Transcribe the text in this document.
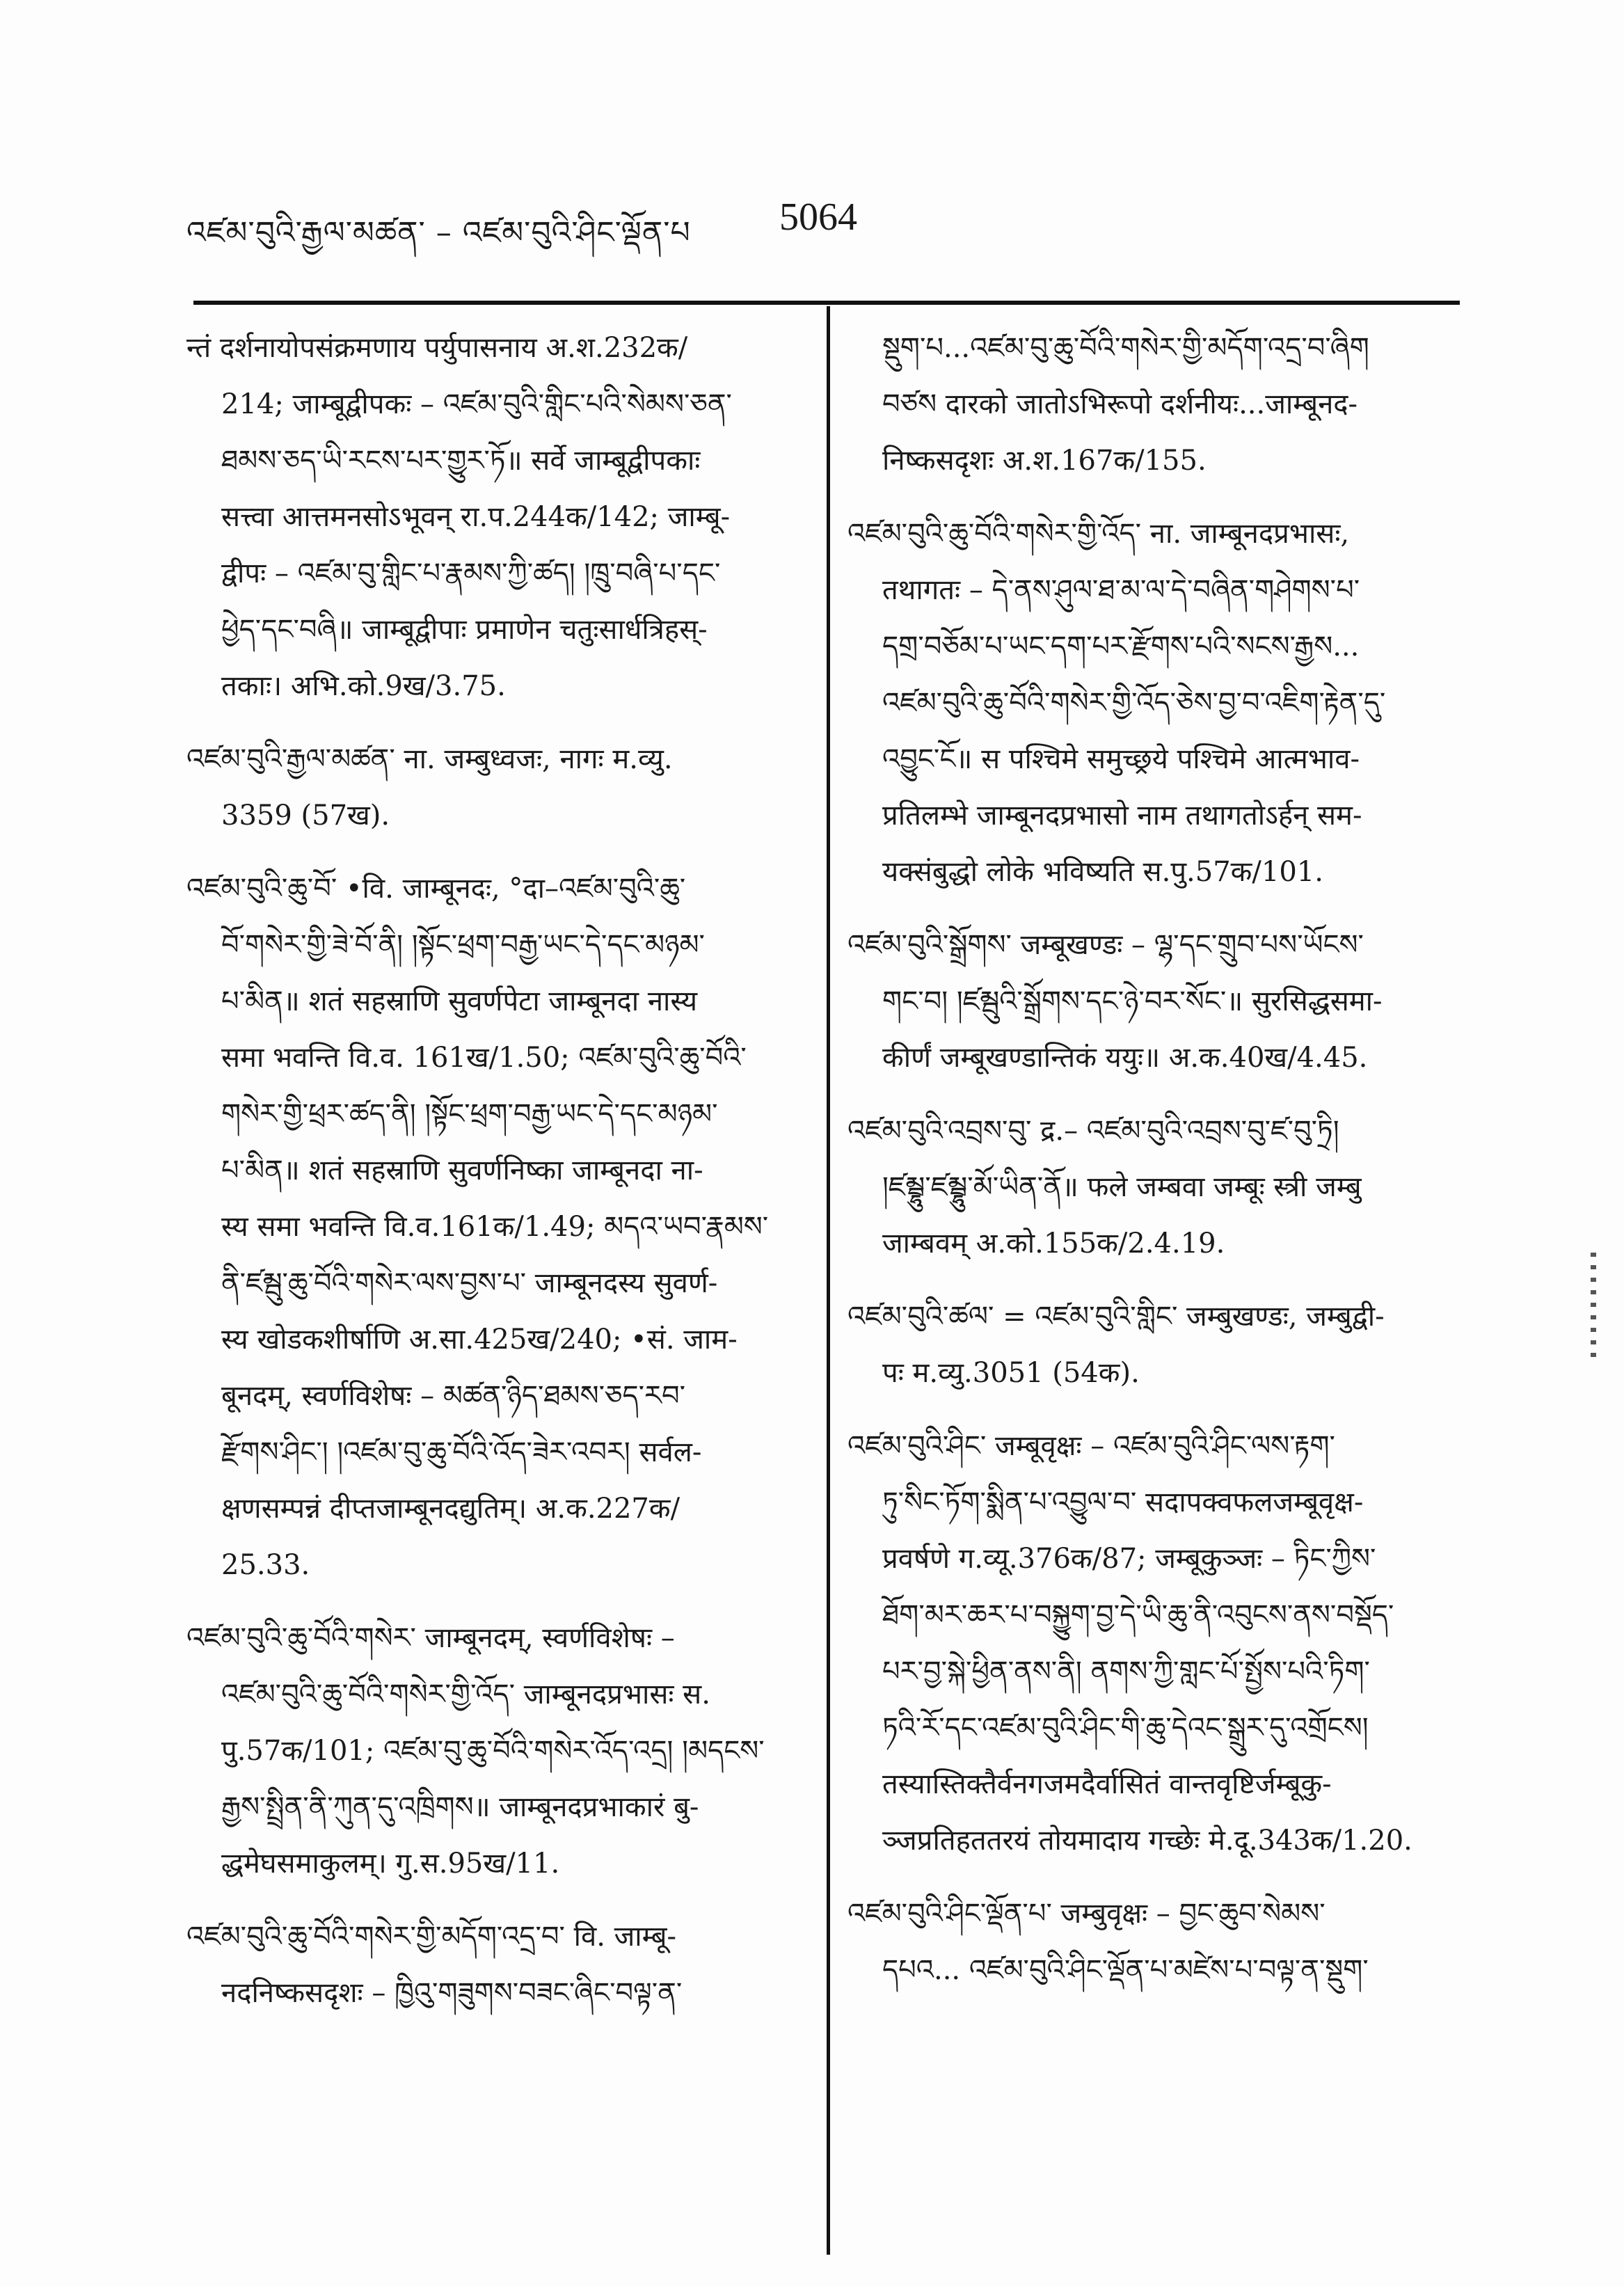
འཛམ་བུའི་རྒྱལ་མཚན་ – འཛམ་བུའི་ཤིང་ལྡོན་པ 5064
न्तं दर्शनायोपसंक्रमणाय पर्युपासनाय अ.श.232क/
214; जाम्बूद्वीपकः – འཛམ་བུའི་གླིང་པའི་སེམས་ཅན་
ཐམས་ཅད་ཡི་རངས་པར་གྱུར་ཏོ॥ सर्वे जाम्बूद्वीपकाः
सत्त्वा आत्तमनसोऽभूवन् रा.प.244क/142; जाम्बू-
द्वीपः – འཛམ་བུ་གླིང་པ་རྣམས་ཀྱི་ཚད། །ཁྲུ་བཞི་པ་དང་
ཕྱེད་དང་བཞི॥ जाम्बूद्वीपाः प्रमाणेन चतुःसार्धत्रिहस्-
तकाः। अभि.को.9ख/3.75.
འཛམ་བུའི་རྒྱལ་མཚན་ ना. जम्बुध्वजः, नागः म.व्यु.
3359 (57ख).
འཛམ་བུའི་ཆུ་བོ་ •वि. जाम्बूनदः, °दा–འཛམ་བུའི་ཆུ་
བོ་གསེར་གྱི་ཟེ་བོ་ནི། །སྟོང་ཕྲག་བརྒྱ་ཡང་དེ་དང་མཉམ་
པ་མིན॥ शतं सहस्राणि सुवर्णपेटा जाम्बूनदा नास्य
समा भवन्ति वि.व. 161ख/1.50; འཛམ་བུའི་ཆུ་བོའི་
གསེར་གྱི་ཕྲར་ཚད་ནི། །སྟོང་ཕྲག་བརྒྱ་ཡང་དེ་དང་མཉམ་
པ་མིན॥ शतं सहस्राणि सुवर्णनिष्का जाम्बूनदा ना-
स्य समा भवन्ति वि.व.161क/1.49; མདའ་ཡབ་རྣམས་
ནི་ཛམྦུ་ཆུ་བོའི་གསེར་ལས་བྱས་པ་ जाम्बूनदस्य सुवर्ण-
स्य खोडकशीर्षाणि अ.सा.425ख/240; •सं. जाम-
बूनदम्, स्वर्णविशेषः – མཚན་ཉིད་ཐམས་ཅད་རབ་
རྫོགས་ཤིང་། །འཛམ་བུ་ཆུ་བོའི་འོད་ཟེར་འབར། सर्वल-
क्षणसम्पन्नं दीप्तजाम्बूनदद्युतिम्। अ.क.227क/
25.33.
འཛམ་བུའི་ཆུ་བོའི་གསེར་ जाम्बूनदम्, स्वर्णविशेषः –
འཛམ་བུའི་ཆུ་བོའི་གསེར་གྱི་འོད་ जाम्बूनदप्रभासः स.
पु.57क/101; འཛམ་བུ་ཆུ་བོའི་གསེར་འོད་འདྲ། །མདངས་
རྒྱས་སྤྲིན་ནི་ཀུན་དུ་འཁྲིགས॥ जाम्बूनदप्रभाकारं बु-
द्धमेघसमाकुलम्। गु.स.95ख/11.
འཛམ་བུའི་ཆུ་བོའི་གསེར་གྱི་མདོག་འདྲ་བ་ वि. जाम्बू-
नदनिष्कसदृशः – ཁྱིའུ་གཟུགས་བཟང་ཞིང་བལྟ་ན་
སྡུག་པ...འཛམ་བུ་ཆུ་བོའི་གསེར་གྱི་མདོག་འདྲ་བ་ཞིག
བཙས दारको जातोऽभिरूपो दर्शनीयः...जाम्बूनद-
निष्कसदृशः अ.श.167क/155.
འཛམ་བུའི་ཆུ་བོའི་གསེར་གྱི་འོད་ ना. जाम्बूनदप्रभासः,
तथागतः – དེ་ནས་ཤུལ་ཐ་མ་ལ་དེ་བཞིན་གཤེགས་པ་
དགྲ་བཅོམ་པ་ཡང་དག་པར་རྫོགས་པའི་སངས་རྒྱས...
འཛམ་བུའི་ཆུ་བོའི་གསེར་གྱི་འོད་ཅེས་བྱ་བ་འཇིག་རྟེན་དུ་
འབྱུང་ངོ॥ स पश्चिमे समुच्छ्रये पश्चिमे आत्मभाव-
प्रतिलम्भे जाम्बूनदप्रभासो नाम तथागतोऽर्हन् सम-
यक्संबुद्धो लोके भविष्यति स.पु.57क/101.
འཛམ་བུའི་སྒྲོགས་ जम्बूखण्डः – ལྷ་དང་གྲུབ་པས་ཡོངས་
གང་བ། །ཛམྦུའི་སྒྲོགས་དང་ཉེ་བར་སོང་॥ सुरसिद्धसमा-
कीर्णं जम्बूखण्डान्तिकं ययुः॥ अ.क.40ख/4.45.
འཛམ་བུའི་འབྲས་བུ་ द्र.– འཛམ་བུའི་འབྲས་བུ་ཛ་བུ་ཏྲི།
།ཛམྦྷུ་ཛམྦྷུ་མོ་ཡིན་ནོ॥ फले जम्बवा जम्बूः स्त्री जम्बु
जाम्बवम् अ.को.155क/2.4.19.
འཛམ་བུའི་ཚལ་ = འཛམ་བུའི་གླིང་ जम्बुखण्डः, जम्बुद्वी-
पः म.व्यु.3051 (54क).
འཛམ་བུའི་ཤིང་ जम्बूवृक्षः – འཛམ་བུའི་ཤིང་ལས་རྟག་
ཏུ་སིང་ཏོག་སྨིན་པ་འབྱུལ་བ་ सदापक्वफलजम्बूवृक्ष-
प्रवर्षणे ग.व्यू.376क/87; जम्बूकुञ्जः – ཏིང་ཀྱིས་
ཐོག་མར་ཆར་པ་བསྐྱུག་བྱ་དེ་ཡི་ཆུ་ནི་འབུངས་ནས་བསྡོད་
པར་བྱ་སྐེ་ཕྱིན་ནས་ནི། ནགས་ཀྱི་གླང་པོ་སྤྱོས་པའི་ཏིག་
ཏའི་རོ་དང་འཛམ་བུའི་ཤིང་གི་ཆུ་དེའང་སྒྲུར་དུ་འགྲོངས།
तस्यास्तिक्तैर्वनगजमदैर्वासितं वान्तवृष्टिर्जम्बूकु-
ञ्जप्रतिहततरयं तोयमादाय गच्छेः मे.दू.343क/1.20.
འཛམ་བུའི་ཤིང་ལྡོན་པ་ जम्बुवृक्षः – བྱང་ཆུབ་སེམས་
དཔའ... འཛམ་བུའི་ཤིང་ལྡོན་པ་མཛེས་པ་བལྟ་ན་སྡུག་
